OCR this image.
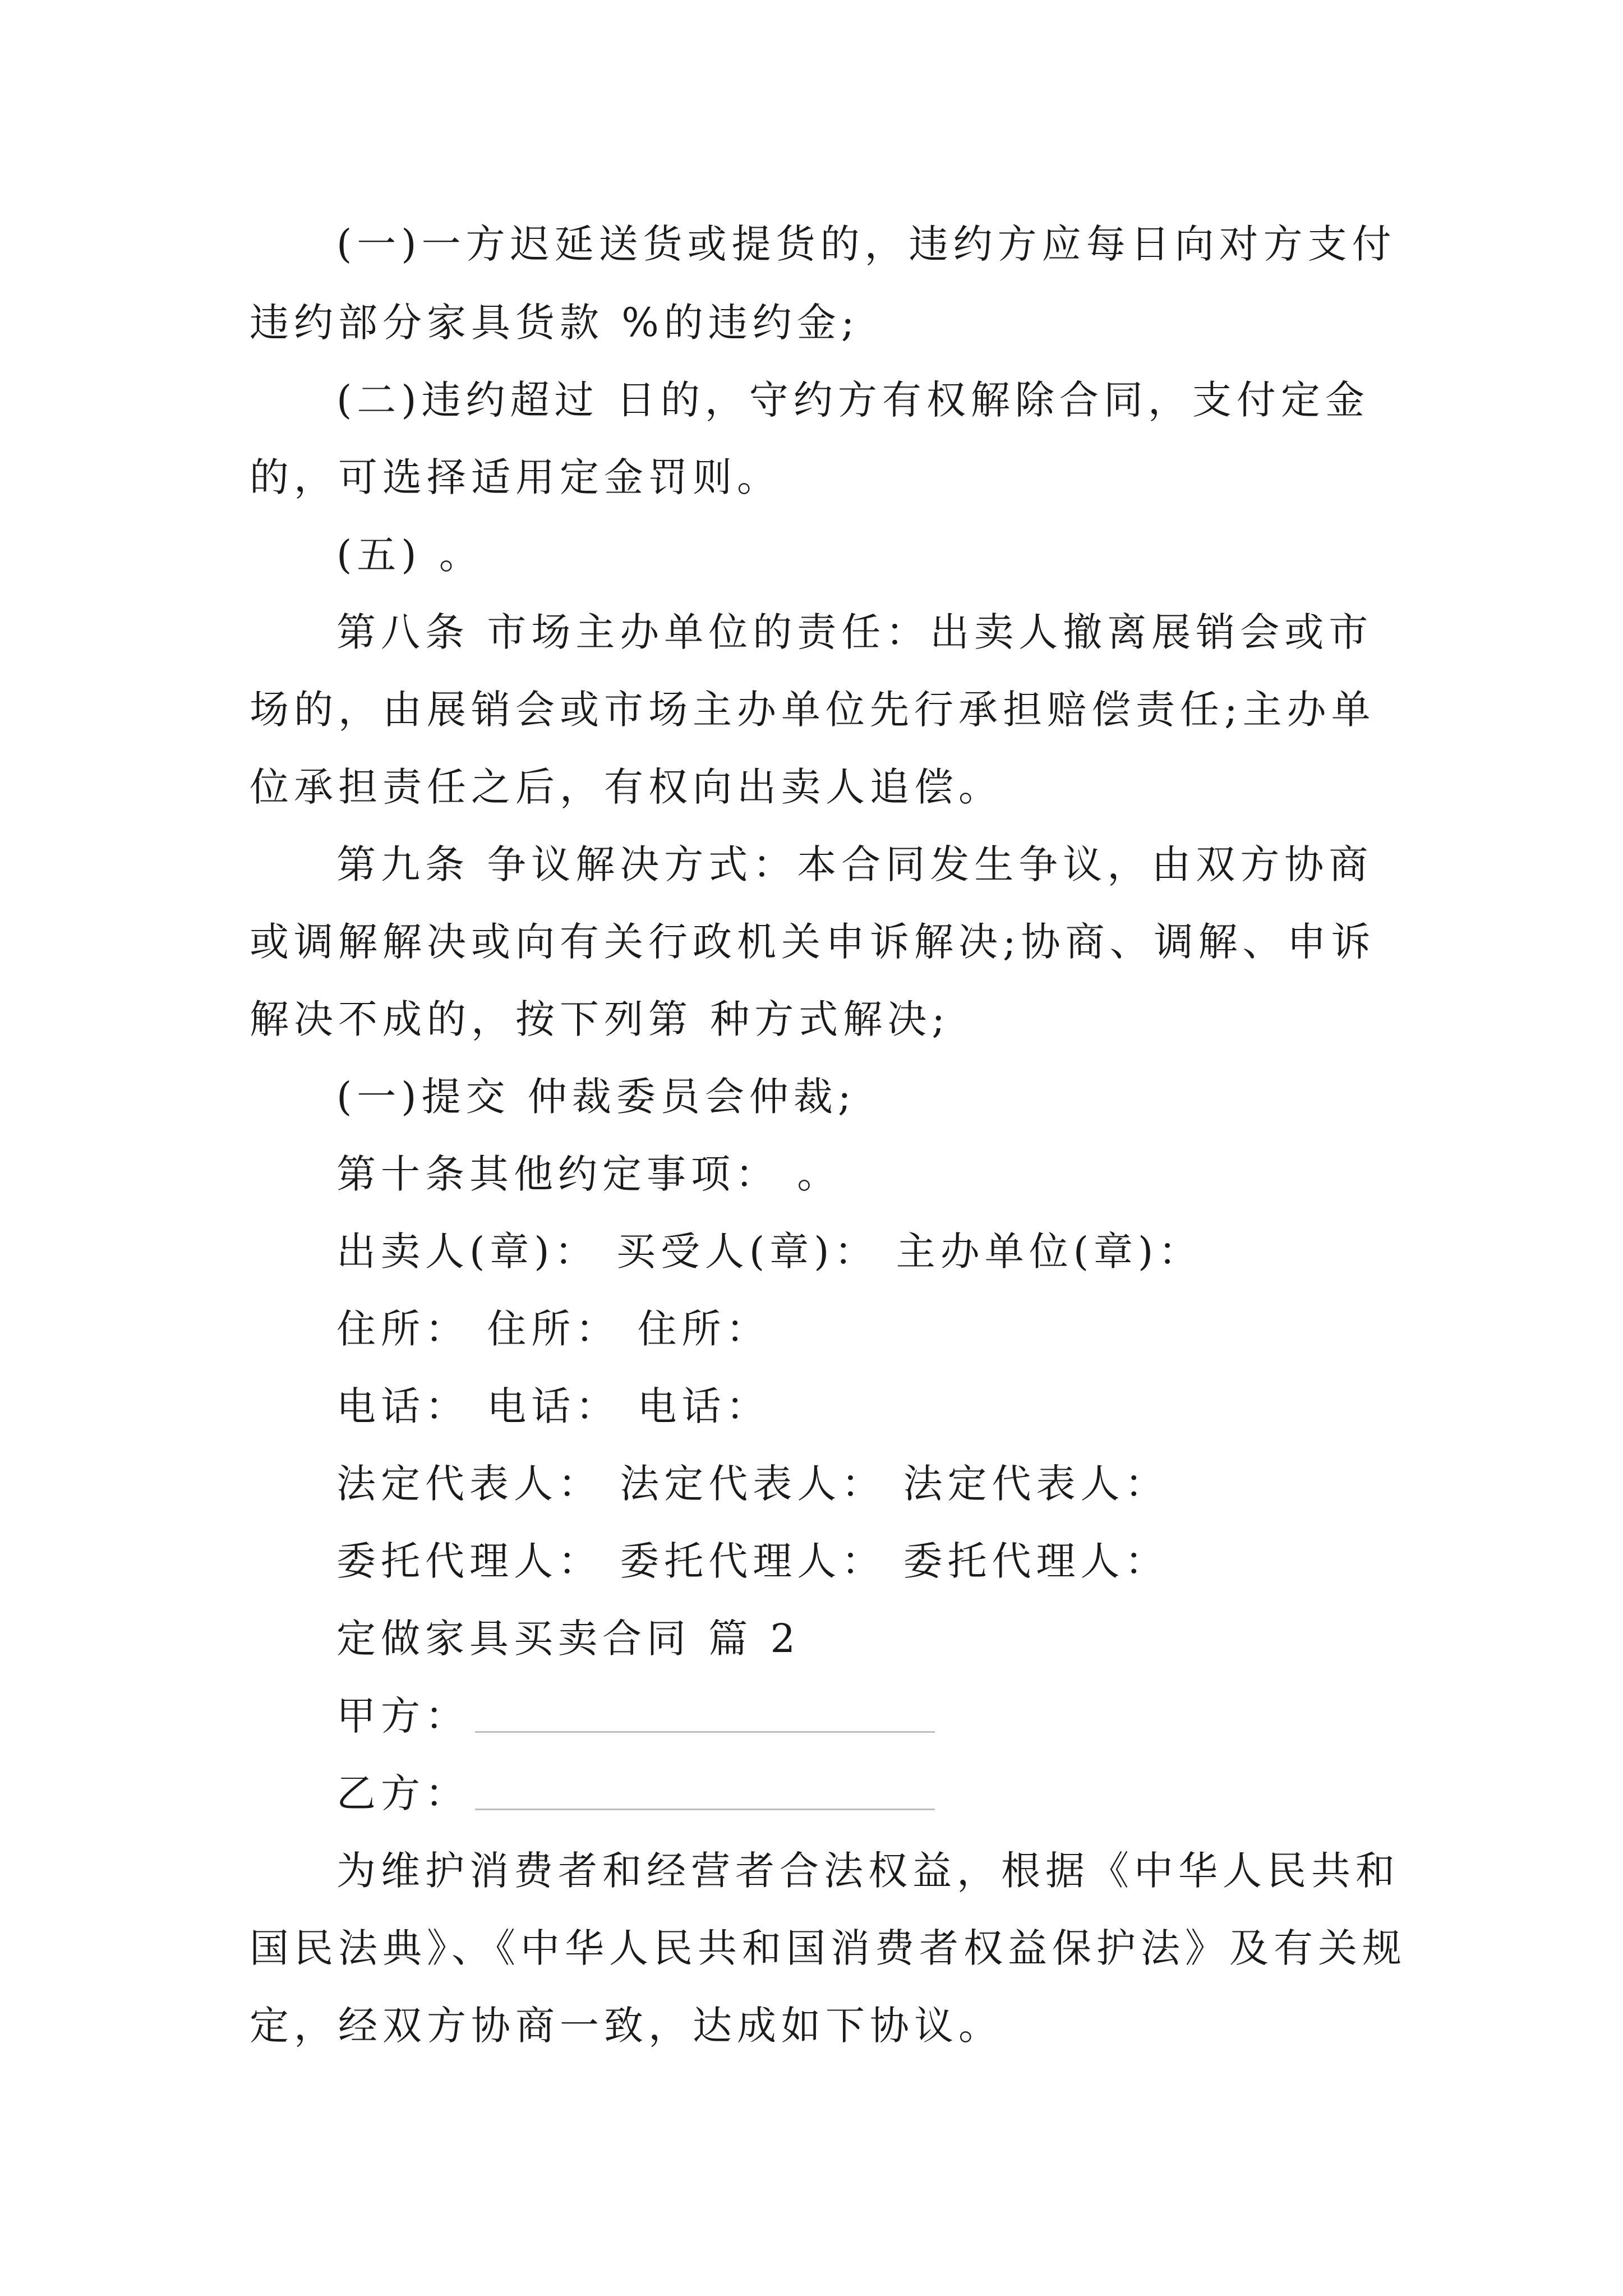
(一)一方迟延送货或提货的，违约方应每日向对方支付
违约部分家具货款 %的违约金;
(二)违约超过 日的，守约方有权解除合同，支付定金
的，可选择适用定金罚则。
(五) 。
第八条 市场主办单位的责任：出卖人撤离展销会或市
场的，由展销会或市场主办单位先行承担赔偿责任;主办单
位承担责任之后，有权向出卖人追偿。
第九条 争议解决方式：本合同发生争议，由双方协商
或调解解决或向有关行政机关申诉解决;协商、调解、申诉
解决不成的，按下列第 种方式解决;
(一)提交 仲裁委员会仲裁;
第十条其他约定事项： 。
出卖人(章)： 买受人(章)： 主办单位(章)：
住所： 住所： 住所：
电话： 电话： 电话：
法定代表人： 法定代表人： 法定代表人：
委托代理人： 委托代理人： 委托代理人：
定做家具买卖合同 篇 2
甲方：
乙方：
为维护消费者和经营者合法权益，根据《中华人民共和
国民法典》、《中华人民共和国消费者权益保护法》及有关规
定，经双方协商一致，达成如下协议。
